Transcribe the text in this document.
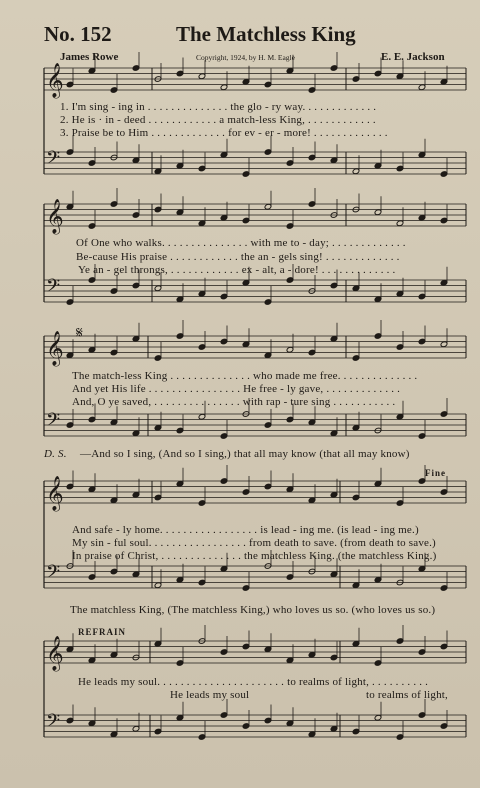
𝄞
𝄢
𝄞
𝄢
𝄞
𝄢
𝄞
𝄢
𝄞
𝄢
𝄋
No. 152	The Matchless King
James Rowe	Copyright, 1924, by H. M. Eagle	E. E. Jackson
1. I'm sing - ing in . . . . . . . . . . . . . . the glo - ry way. . . . . . . . . . . . .
2. He is · in - deed . . . . . . . . . . . . a match-less King, . . . . . . . . . . . .
3. Praise be to Him . . . . . . . . . . . . . for ev - er - more! . . . . . . . . . . . . .
Of One who walks. . . . . . . . . . . . . . . with me to - day; . . . . . . . . . . . . .
Be-cause His praise . . . . . . . . . . . . the an - gels sing! . . . . . . . . . . . . .
Ye an - gel throngs, . . . . . . . . . . . . ex - alt, a - dore! . . . . . . . . . . . . .
The match-less King . . . . . . . . . . . . . . who made me free. . . . . . . . . . . . . .
And yet His life . . . . . . . . . . . . . . . . He free - ly gave, . . . . . . . . . . . . .
And, O ye saved, . . . . . . . . . . . . . . . with rap - ture sing . . . . . . . . . . .
D. S. —And so I sing, (And so I sing,) that all may know (that all may know)
Fine
And safe - ly home. . . . . . . . . . . . . . . . . is lead - ing me. (is lead - ing me.)
My sin - ful soul. . . . . . . . . . . . . . . . . from death to save. (from death to save.)
In praise of Christ, . . . . . . . . . . . . . . the matchless King. (the matchless King.)
The matchless King, (The matchless King,) who loves us so. (who loves us so.)
REFRAIN
He leads my soul. . . . . . . . . . . . . . . . . . . . . . to realms of light, . . . . . . . . . .
He leads my soul	to realms of light,
